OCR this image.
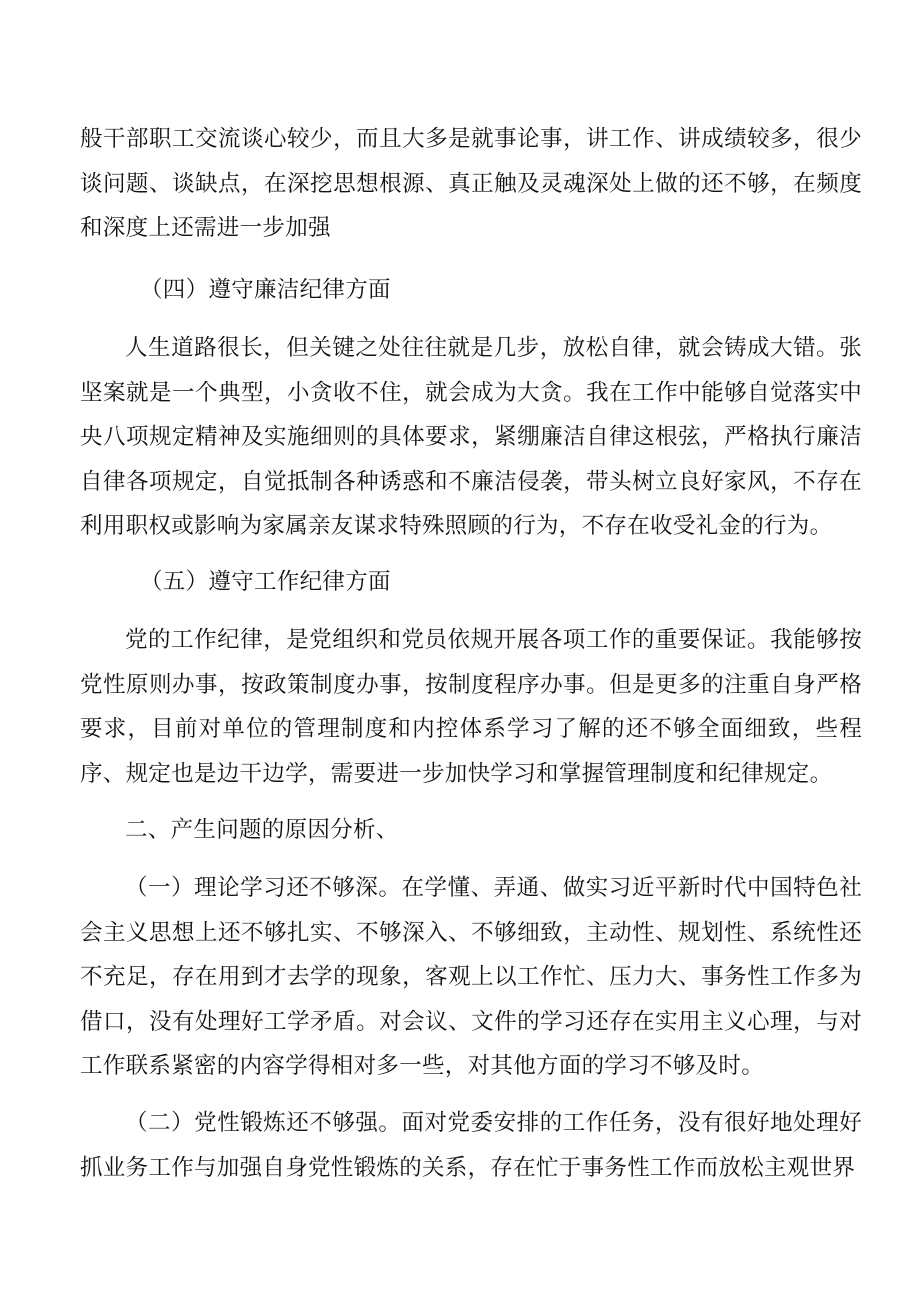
般干部职工交流谈心较少，而且大多是就事论事，讲工作、讲成绩较多，很少谈问题、谈缺点，在深挖思想根源、真正触及灵魂深处上做的还不够，在频度和深度上还需进一步加强

（四）遵守廉洁纪律方面

人生道路很长，但关键之处往往就是几步，放松自律，就会铸成大错。张坚案就是一个典型，小贪收不住，就会成为大贪。我在工作中能够自觉落实中央八项规定精神及实施细则的具体要求，紧绷廉洁自律这根弦，严格执行廉洁自律各项规定，自觉抵制各种诱惑和不廉洁侵袭，带头树立良好家风，不存在利用职权或影响为家属亲友谋求特殊照顾的行为，不存在收受礼金的行为。

（五）遵守工作纪律方面

党的工作纪律，是党组织和党员依规开展各项工作的重要保证。我能够按党性原则办事，按政策制度办事，按制度程序办事。但是更多的注重自身严格要求，目前对单位的管理制度和内控体系学习了解的还不够全面细致，些程序、规定也是边干边学，需要进一步加快学习和掌握管理制度和纪律规定。

二、产生问题的原因分析、

（一）理论学习还不够深。在学懂、弄通、做实习近平新时代中国特色社会主义思想上还不够扎实、不够深入、不够细致，主动性、规划性、系统性还不充足，存在用到才去学的现象，客观上以工作忙、压力大、事务性工作多为借口，没有处理好工学矛盾。对会议、文件的学习还存在实用主义心理，与对工作联系紧密的内容学得相对多一些，对其他方面的学习不够及时。

（二）党性锻炼还不够强。面对党委安排的工作任务，没有很好地处理好抓业务工作与加强自身党性锻炼的关系，存在忙于事务性工作而放松主观世界
